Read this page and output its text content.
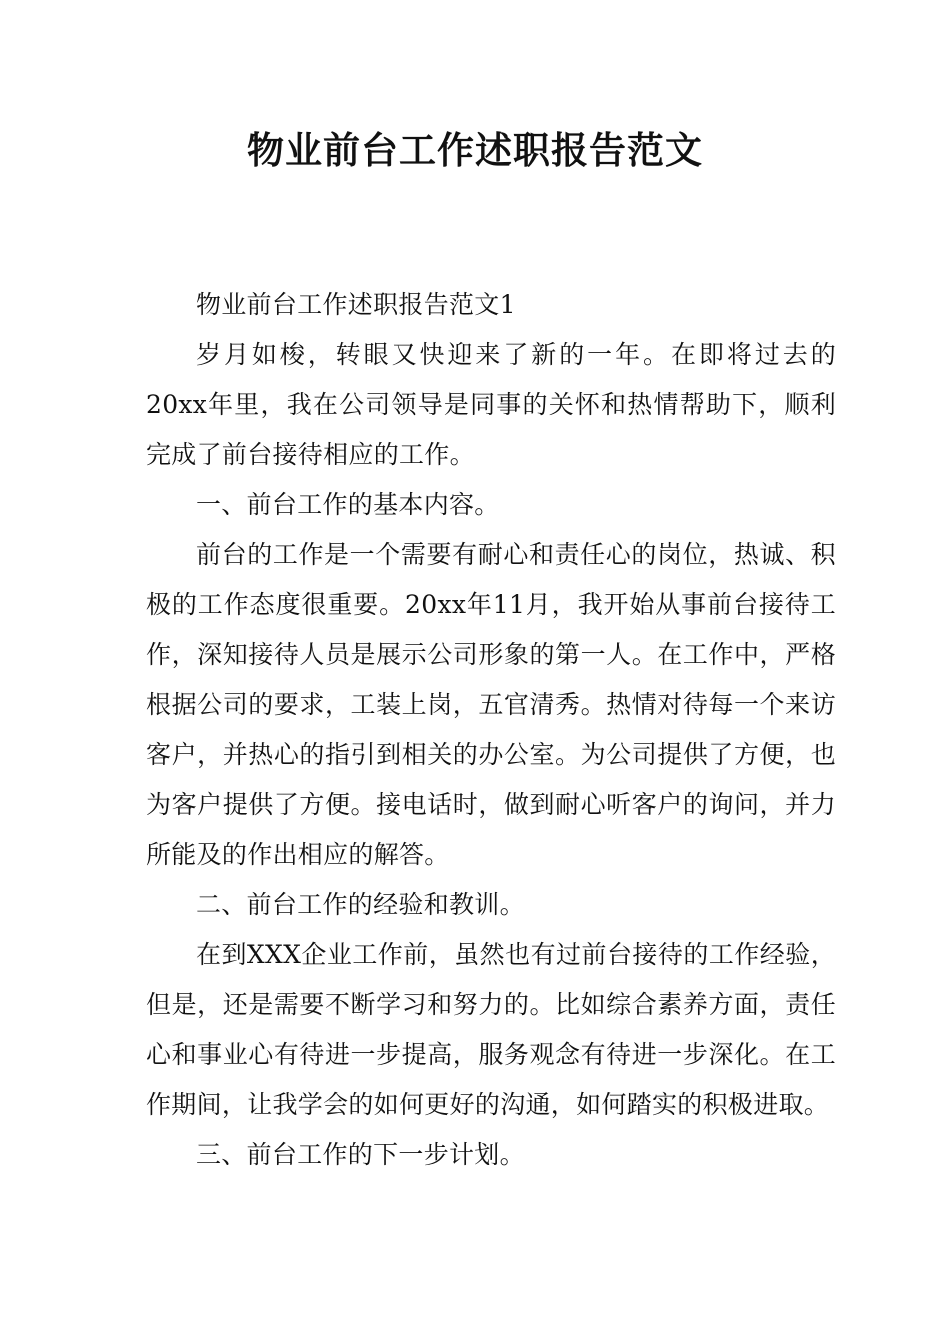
物业前台工作述职报告范文

物业前台工作述职报告范文1

岁月如梭，转眼又快迎来了新的一年。在即将过去的20xx年里，我在公司领导是同事的关怀和热情帮助下，顺利完成了前台接待相应的工作。

一、前台工作的基本内容。

前台的工作是一个需要有耐心和责任心的岗位，热诚、积极的工作态度很重要。20xx年11月，我开始从事前台接待工作，深知接待人员是展示公司形象的第一人。在工作中，严格根据公司的要求，工装上岗，五官清秀。热情对待每一个来访客户，并热心的指引到相关的办公室。为公司提供了方便，也为客户提供了方便。接电话时，做到耐心听客户的询问，并力所能及的作出相应的解答。

二、前台工作的经验和教训。

在到XXX企业工作前，虽然也有过前台接待的工作经验，但是，还是需要不断学习和努力的。比如综合素养方面，责任心和事业心有待进一步提高，服务观念有待进一步深化。在工作期间，让我学会的如何更好的沟通，如何踏实的积极进取。

三、前台工作的下一步计划。
